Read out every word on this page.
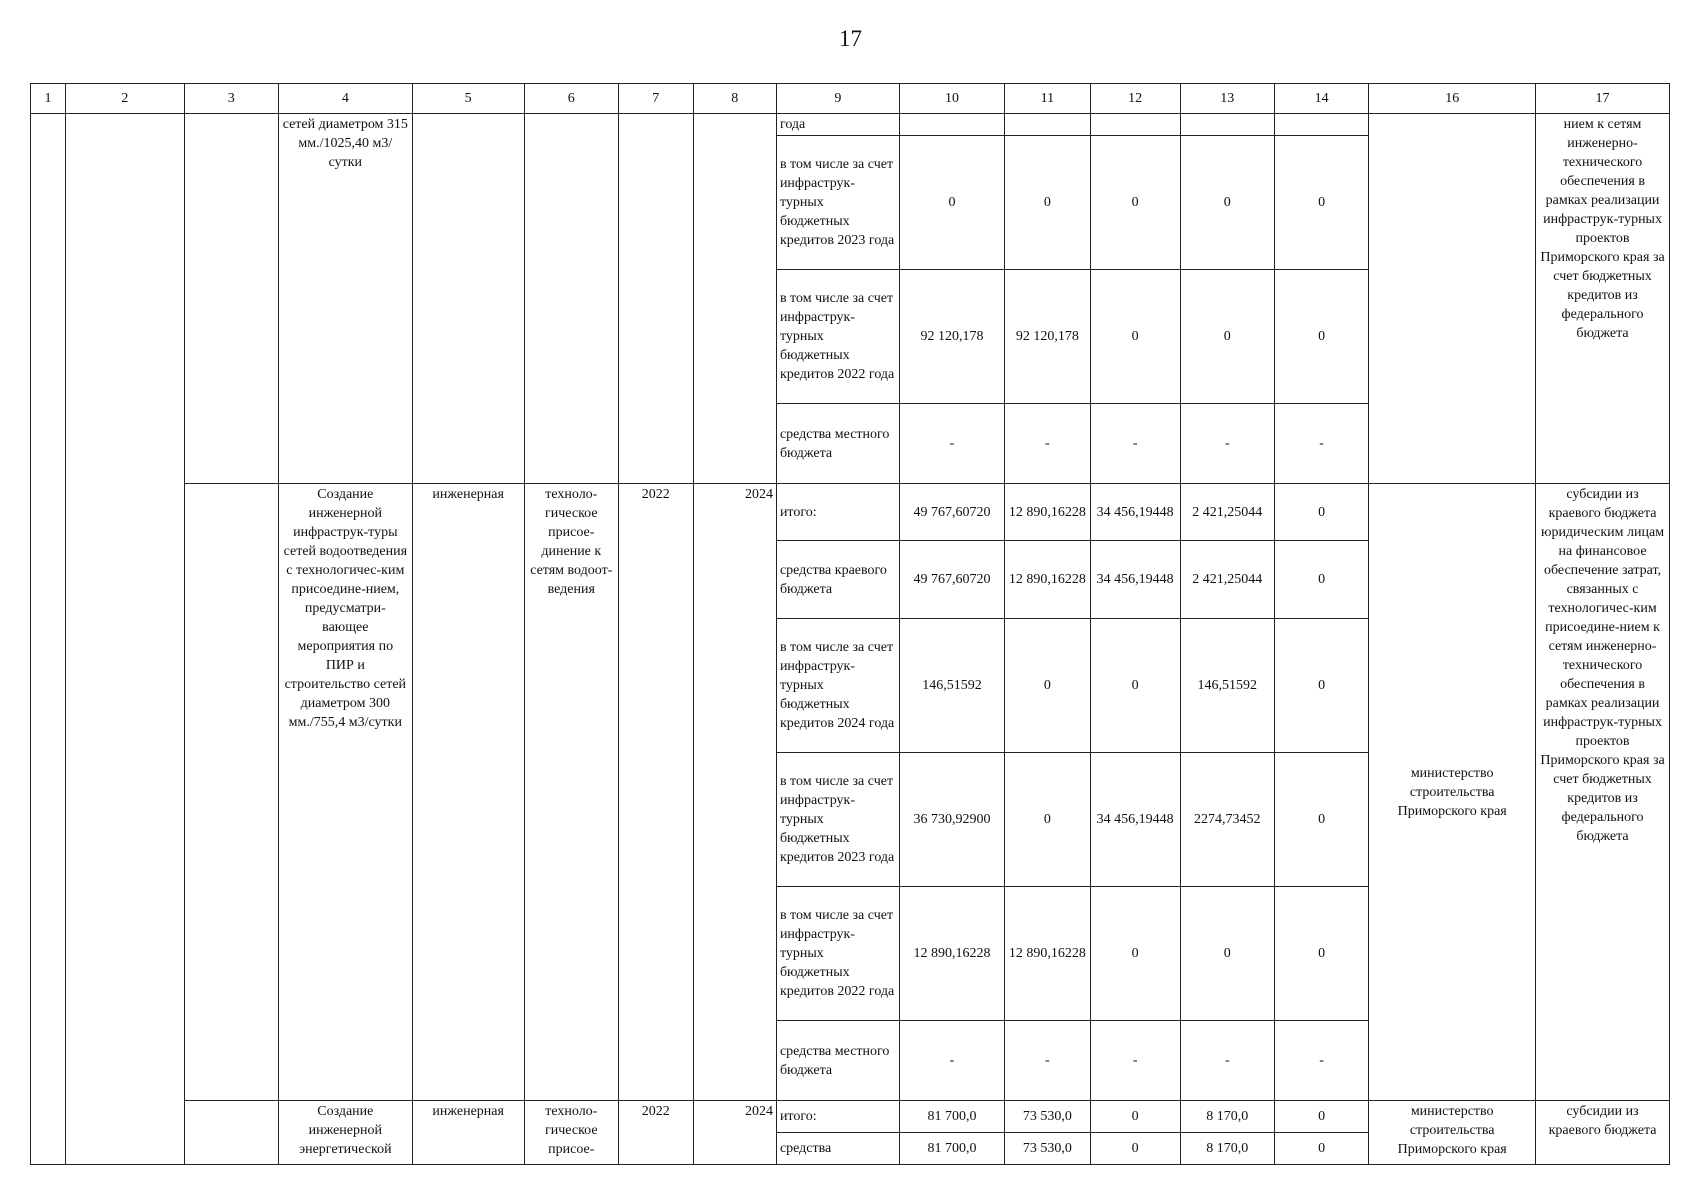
17
1	2	3	4	5	6	7	8	9	10	11	12	13	14	16	17
			сетей диаметром 315 мм./1025,40 м3/сутки					года							нием к сетям инженерно-технического обеспечения в рамках реализации инфраструк-турных проектов Приморского края за счет бюджетных кредитов из федерального бюджета
								в том числе за счет инфраструк- турных бюджетных кредитов 2023 года	0	0	0	0	0		
								в том числе за счет инфраструк- турных бюджетных кредитов 2022 года	92 120,178	92 120,178	0	0	0		
								средства местного бюджета	-	-	-	-	-		
			Создание инженерной инфраструк-туры сетей водоотведения с технологичес-ким присоедине-нием, предусматри-вающее мероприятия по ПИР и строительство сетей диаметром 300 мм./755,4 м3/сутки	инженерная	техноло-гическое присое-динение к сетям водоот-ведения	2022	2024	итого:	49 767,60720	12 890,16228	34 456,19448	2 421,25044	0	министерство строительства Приморского края	субсидии из краевого бюджета юридическим лицам на финансовое обеспечение затрат, связанных с технологичес-ким присоедине-нием к сетям инженерно-технического обеспечения в рамках реализации инфраструк-турных проектов Приморского края за счет бюджетных кредитов из федерального бюджета
								средства краевого бюджета	49 767,60720	12 890,16228	34 456,19448	2 421,25044	0		
								в том числе за счет инфраструк- турных бюджетных кредитов 2024 года	146,51592	0	0	146,51592	0		
								в том числе за счет инфраструк- турных бюджетных кредитов 2023 года	36 730,92900	0	34 456,19448	2274,73452	0		
								в том числе за счет инфраструк- турных бюджетных кредитов 2022 года	12 890,16228	12 890,16228	0	0	0		
								средства местного бюджета	-	-	-	-	-		
			Создание инженерной энергетической	инженерная	техноло-гическое присое-	2022	2024	итого:	81 700,0	73 530,0	0	8 170,0	0	министерство строительства Приморского края	субсидии из краевого бюджета
								средства	81 700,0	73 530,0	0	8 170,0	0		
